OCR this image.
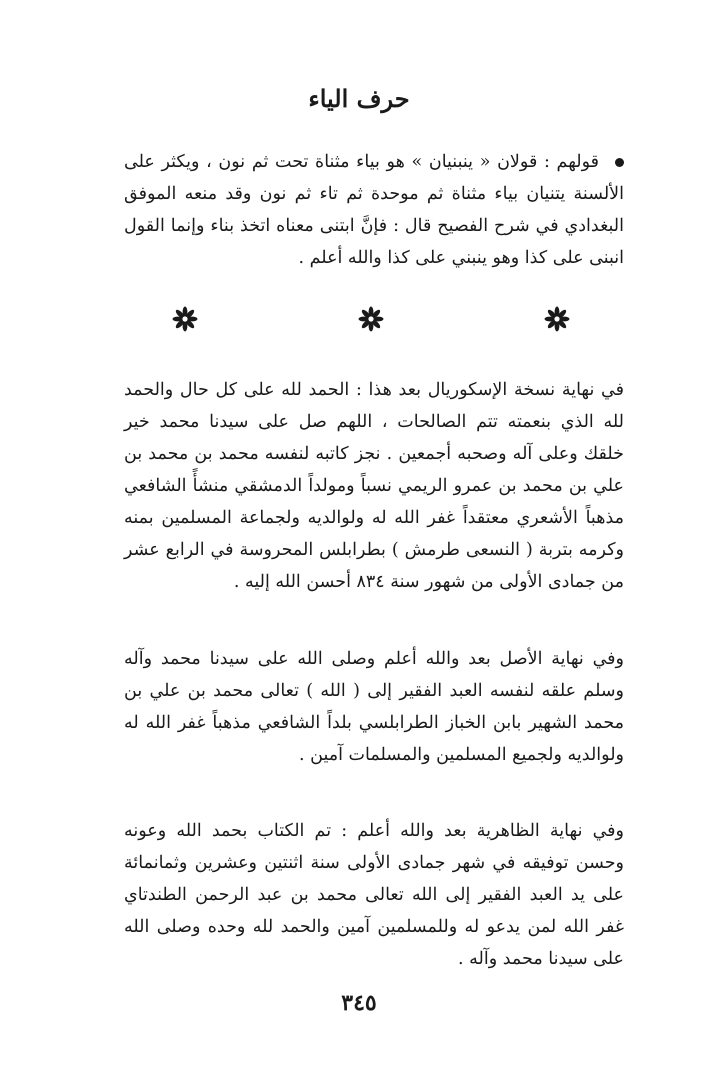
حرف الياء
قولهم : قولان « ينبنيان » هو بياء مثناة تحت ثم نون ، ويكثر على الألسنة يتنيان بياء مثناة ثم موحدة ثم تاء ثم نون وقد منعه الموفق البغدادي في شرح الفصيح قال : فإنَّ ابتنى معناه اتخذ بناء وإنما القول انبنى على كذا وهو ينبني على كذا والله أعلم .
في نهاية نسخة الإسكوريال بعد هذا : الحمد لله على كل حال والحمد لله الذي بنعمته تتم الصالحات ، اللهم صل على سيدنا محمد خير خلقك وعلى آله وصحبه أجمعين . نجز كاتبه لنفسه محمد بن محمد بن علي بن محمد بن عمرو الريمي نسباً ومولداً الدمشقي منشأً الشافعي مذهباً الأشعري معتقداً غفر الله له ولوالديه ولجماعة المسلمين بمنه وكرمه بتربة ( النسعى طرمش ) بطرابلس المحروسة في الرابع عشر من جمادى الأولى من شهور سنة ٨٣٤ أحسن الله إليه .
وفي نهاية الأصل بعد والله أعلم وصلى الله على سيدنا محمد وآله وسلم علقه لنفسه العبد الفقير إلى ( الله ) تعالى محمد بن علي بن محمد الشهير بابن الخباز الطرابلسي بلداً الشافعي مذهباً غفر الله له ولوالديه ولجميع المسلمين والمسلمات آمين .
وفي نهاية الظاهرية بعد والله أعلم : تم الكتاب بحمد الله وعونه وحسن توفيقه في شهر جمادى الأولى سنة اثنتين وعشرين وثمانمائة على يد العبد الفقير إلى الله تعالى محمد بن عبد الرحمن الطندتاي غفر الله لمن يدعو له وللمسلمين آمين والحمد لله وحده وصلى الله على سيدنا محمد وآله .
٣٤٥
